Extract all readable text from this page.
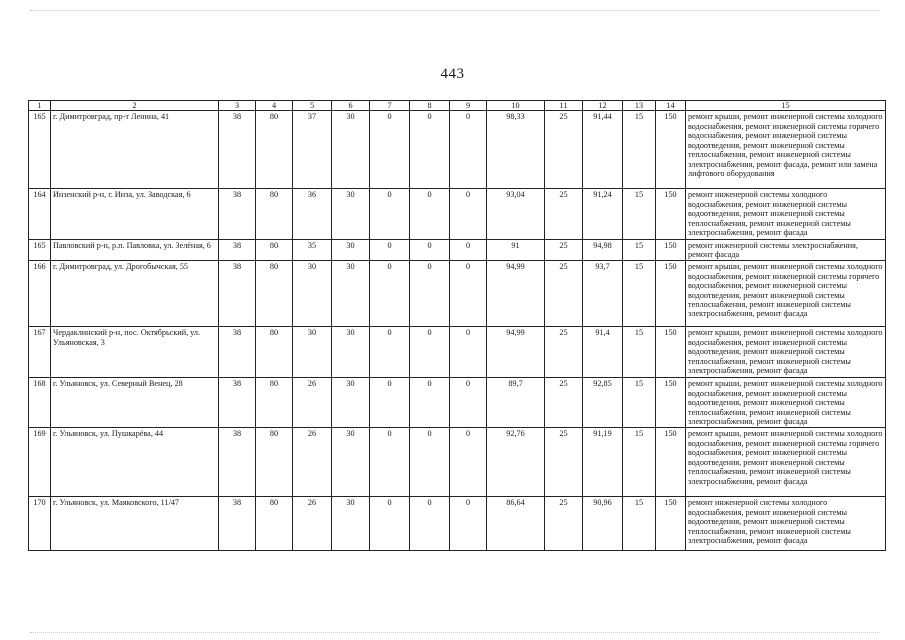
443
1	2	3	4	5	6	7	8	9	10	11	12	13	14	15
165	г. Димитровград, пр-т Ленина, 41	38	80	37	30	0	0	0	98,33	25	91,44	15	150	ремонт крыши, ремонт инженерной системы холодного водоснабжения, ремонт инженерной системы горячего водоснабжения, ремонт инженерной системы водоотведения, ремонт инженерной системы теплоснабжения, ремонт инженерной системы электроснабжения, ремонт фасада, ремонт или замена лифтового оборудования
164	Инзенский р-н, г. Инза, ул. Заводская, 6	38	80	36	30	0	0	0	93,04	25	91,24	15	150	ремонт инженерной системы холодного водоснабжения, ремонт инженерной системы водоотведения, ремонт инженерной системы теплоснабжения, ремонт инженерной системы электроснабжения, ремонт фасада
165	Павловский р-н, р.п. Павловка, ул. Зелёная, 6	38	80	35	30	0	0	0	91	25	94,98	15	150	ремонт инженерной системы электроснабжения, ремонт фасада
166	г. Димитровград, ул. Дрогобычская, 55	38	80	30	30	0	0	0	94,99	25	93,7	15	150	ремонт крыши, ремонт инженерной системы холодного водоснабжения, ремонт инженерной системы горячего водоснабжения, ремонт инженерной системы водоотведения, ремонт инженерной системы теплоснабжения, ремонт инженерной системы электроснабжения, ремонт фасада
167	Чердаклинский р-н, пос. Октябрьский, ул. Ульяновская, 3	38	80	30	30	0	0	0	94,99	25	91,4	15	150	ремонт крыши, ремонт инженерной системы холодного водоснабжения, ремонт инженерной системы водоотведения, ремонт инженерной системы теплоснабжения, ремонт инженерной системы электроснабжения, ремонт фасада
168	г. Ульяновск, ул. Северный Венец, 28	38	80	26	30	0	0	0	89,7	25	92,85	15	150	ремонт крыши, ремонт инженерной системы холодного водоснабжения, ремонт инженерной системы водоотведения, ремонт инженерной системы теплоснабжения, ремонт инженерной системы электроснабжения, ремонт фасада
169	г. Ульяновск, ул. Пушкарёва, 44	38	80	26	30	0	0	0	92,76	25	91,19	15	150	ремонт крыши, ремонт инженерной системы холодного водоснабжения, ремонт инженерной системы горячего водоснабжения, ремонт инженерной системы водоотведения, ремонт инженерной системы теплоснабжения, ремонт инженерной системы электроснабжения, ремонт фасада
170	г. Ульяновск, ул. Маяковского, 11/47	38	80	26	30	0	0	0	86,64	25	90,96	15	150	ремонт инженерной системы холодного водоснабжения, ремонт инженерной системы водоотведения, ремонт инженерной системы теплоснабжения, ремонт инженерной системы электроснабжения, ремонт фасада
